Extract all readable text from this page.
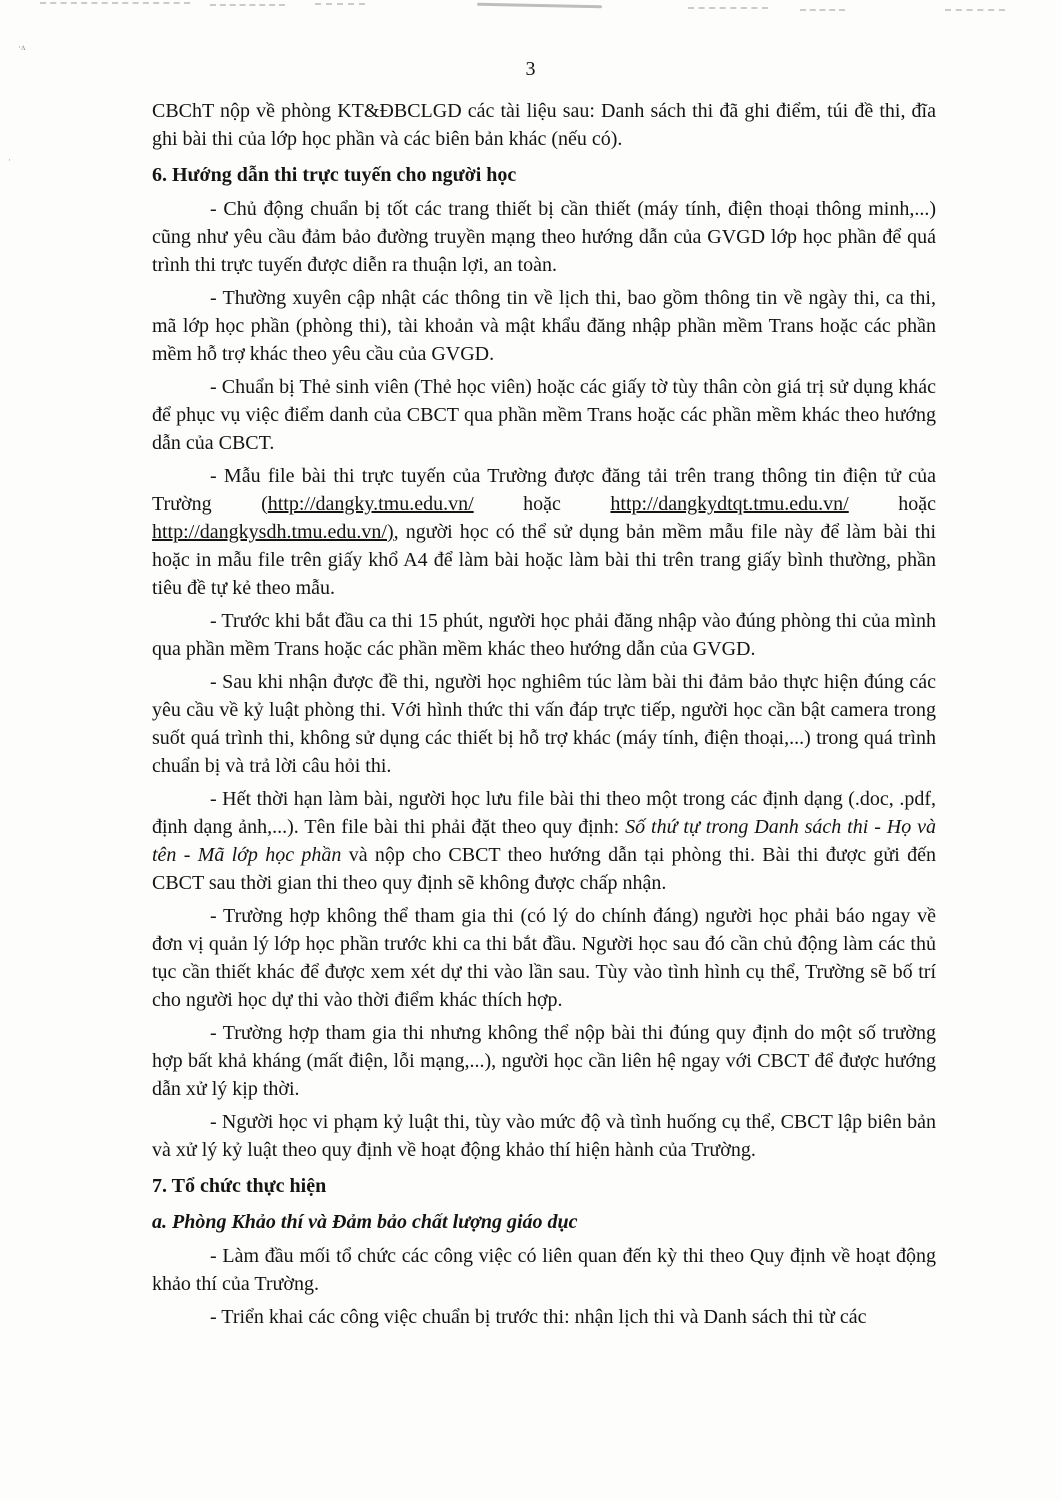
·ʌ
·
3

CBChT nộp về phòng KT&ĐBCLGD các tài liệu sau: Danh sách thi đã ghi điểm, túi đề thi, đĩa ghi bài thi của lớp học phần và các biên bản khác (nếu có).

6. Hướng dẫn thi trực tuyến cho người học

- Chủ động chuẩn bị tốt các trang thiết bị cần thiết (máy tính, điện thoại thông minh,...) cũng như yêu cầu đảm bảo đường truyền mạng theo hướng dẫn của GVGD lớp học phần để quá trình thi trực tuyến được diễn ra thuận lợi, an toàn.

- Thường xuyên cập nhật các thông tin về lịch thi, bao gồm thông tin về ngày thi, ca thi, mã lớp học phần (phòng thi), tài khoản và mật khẩu đăng nhập phần mềm Trans hoặc các phần mềm hỗ trợ khác theo yêu cầu của GVGD.

- Chuẩn bị Thẻ sinh viên (Thẻ học viên) hoặc các giấy tờ tùy thân còn giá trị sử dụng khác để phục vụ việc điểm danh của CBCT qua phần mềm Trans hoặc các phần mềm khác theo hướng dẫn của CBCT.

- Mẫu file bài thi trực tuyến của Trường được đăng tải trên trang thông tin điện tử của Trường (http://dangky.tmu.edu.vn/ hoặc http://dangkydtqt.tmu.edu.vn/ hoặc http://dangkysdh.tmu.edu.vn/), người học có thể sử dụng bản mềm mẫu file này để làm bài thi hoặc in mẫu file trên giấy khổ A4 để làm bài hoặc làm bài thi trên trang giấy bình thường, phần tiêu đề tự kẻ theo mẫu.

- Trước khi bắt đầu ca thi 15 phút, người học phải đăng nhập vào đúng phòng thi của mình qua phần mềm Trans hoặc các phần mềm khác theo hướng dẫn của GVGD.

- Sau khi nhận được đề thi, người học nghiêm túc làm bài thi đảm bảo thực hiện đúng các yêu cầu về kỷ luật phòng thi. Với hình thức thi vấn đáp trực tiếp, người học cần bật camera trong suốt quá trình thi, không sử dụng các thiết bị hỗ trợ khác (máy tính, điện thoại,...) trong quá trình chuẩn bị và trả lời câu hỏi thi.

- Hết thời hạn làm bài, người học lưu file bài thi theo một trong các định dạng (.doc, .pdf, định dạng ảnh,...). Tên file bài thi phải đặt theo quy định: Số thứ tự trong Danh sách thi - Họ và tên - Mã lớp học phần và nộp cho CBCT theo hướng dẫn tại phòng thi. Bài thi được gửi đến CBCT sau thời gian thi theo quy định sẽ không được chấp nhận.

- Trường hợp không thể tham gia thi (có lý do chính đáng) người học phải báo ngay về đơn vị quản lý lớp học phần trước khi ca thi bắt đầu. Người học sau đó cần chủ động làm các thủ tục cần thiết khác để được xem xét dự thi vào lần sau. Tùy vào tình hình cụ thể, Trường sẽ bố trí cho người học dự thi vào thời điểm khác thích hợp.

- Trường hợp tham gia thi nhưng không thể nộp bài thi đúng quy định do một số trường hợp bất khả kháng (mất điện, lỗi mạng,...), người học cần liên hệ ngay với CBCT để được hướng dẫn xử lý kịp thời.

- Người học vi phạm kỷ luật thi, tùy vào mức độ và tình huống cụ thể, CBCT lập biên bản và xử lý kỷ luật theo quy định về hoạt động khảo thí hiện hành của Trường.

7. Tổ chức thực hiện

a. Phòng Khảo thí và Đảm bảo chất lượng giáo dục

- Làm đầu mối tổ chức các công việc có liên quan đến kỳ thi theo Quy định về hoạt động khảo thí của Trường.

- Triển khai các công việc chuẩn bị trước thi: nhận lịch thi và Danh sách thi từ các
